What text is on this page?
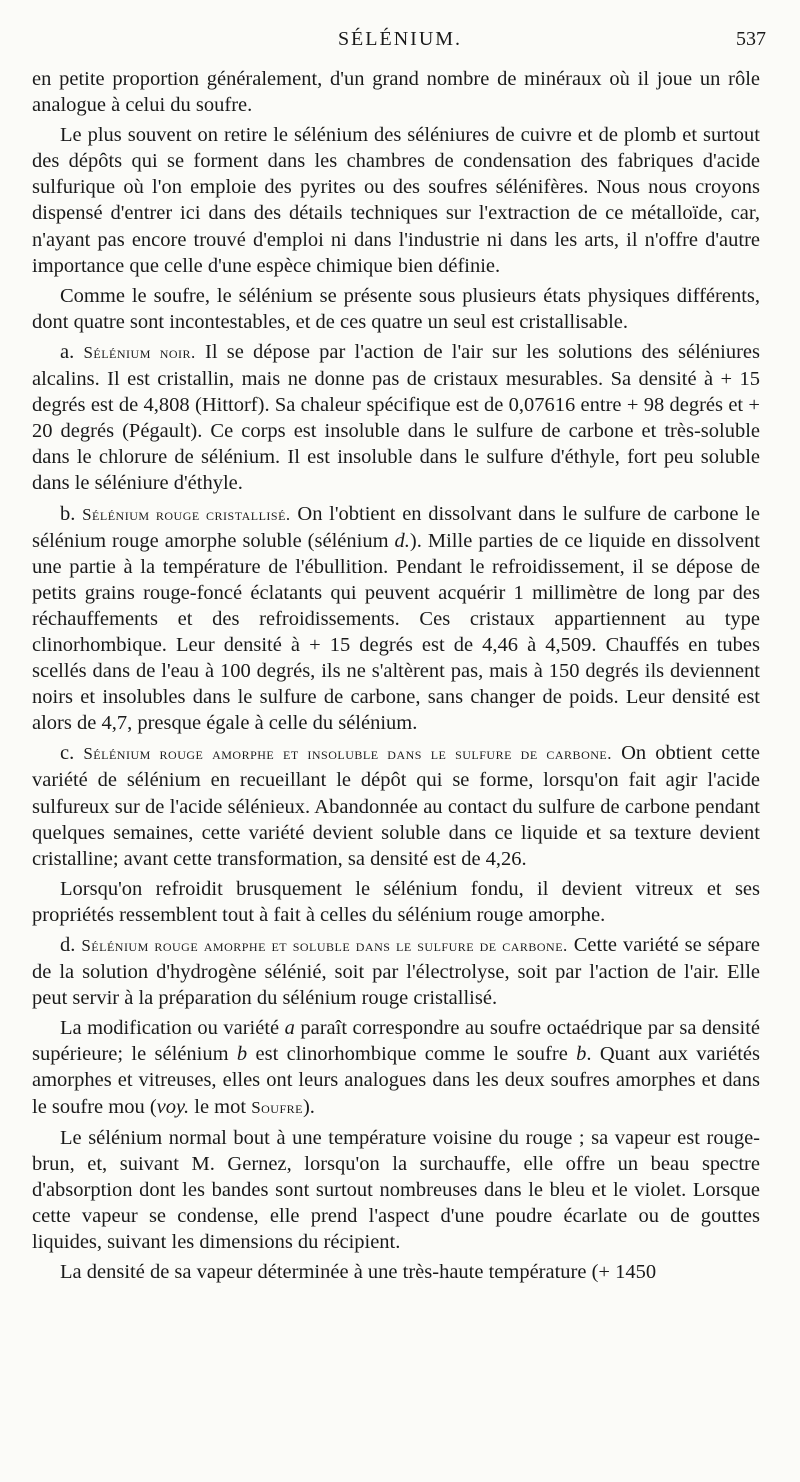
SÉLÉNIUM.	537

en petite proportion généralement, d'un grand nombre de minéraux où il joue un rôle analogue à celui du soufre.

Le plus souvent on retire le sélénium des séléniures de cuivre et de plomb et surtout des dépôts qui se forment dans les chambres de condensation des fabriques d'acide sulfurique où l'on emploie des pyrites ou des soufres sélénifères. Nous nous croyons dispensé d'entrer ici dans des détails techniques sur l'extraction de ce métalloïde, car, n'ayant pas encore trouvé d'emploi ni dans l'industrie ni dans les arts, il n'offre d'autre importance que celle d'une espèce chimique bien définie.

Comme le soufre, le sélénium se présente sous plusieurs états physiques différents, dont quatre sont incontestables, et de ces quatre un seul est cristallisable.

a. Sélénium noir. Il se dépose par l'action de l'air sur les solutions des séléniures alcalins. Il est cristallin, mais ne donne pas de cristaux mesurables. Sa densité à + 15 degrés est de 4,808 (Hittorf). Sa chaleur spécifique est de 0,07616 entre + 98 degrés et + 20 degrés (Pégault). Ce corps est insoluble dans le sulfure de carbone et très-soluble dans le chlorure de sélénium. Il est insoluble dans le sulfure d'éthyle, fort peu soluble dans le séléniure d'éthyle.

b. Sélénium rouge cristallisé. On l'obtient en dissolvant dans le sulfure de carbone le sélénium rouge amorphe soluble (sélénium d.). Mille parties de ce liquide en dissolvent une partie à la température de l'ébullition. Pendant le refroidissement, il se dépose de petits grains rouge-foncé éclatants qui peuvent acquérir 1 millimètre de long par des réchauffements et des refroidissements. Ces cristaux appartiennent au type clinorhombique. Leur densité à + 15 degrés est de 4,46 à 4,509. Chauffés en tubes scellés dans de l'eau à 100 degrés, ils ne s'altèrent pas, mais à 150 degrés ils deviennent noirs et insolubles dans le sulfure de carbone, sans changer de poids. Leur densité est alors de 4,7, presque égale à celle du sélénium.

c. Sélénium rouge amorphe et insoluble dans le sulfure de carbone. On obtient cette variété de sélénium en recueillant le dépôt qui se forme, lorsqu'on fait agir l'acide sulfureux sur de l'acide sélénieux. Abandonnée au contact du sulfure de carbone pendant quelques semaines, cette variété devient soluble dans ce liquide et sa texture devient cristalline; avant cette transformation, sa densité est de 4,26.

Lorsqu'on refroidit brusquement le sélénium fondu, il devient vitreux et ses propriétés ressemblent tout à fait à celles du sélénium rouge amorphe.

d. Sélénium rouge amorphe et soluble dans le sulfure de carbone. Cette variété se sépare de la solution d'hydrogène sélénié, soit par l'électrolyse, soit par l'action de l'air. Elle peut servir à la préparation du sélénium rouge cristallisé.

La modification ou variété a paraît correspondre au soufre octaédrique par sa densité supérieure; le sélénium b est clinorhombique comme le soufre b. Quant aux variétés amorphes et vitreuses, elles ont leurs analogues dans les deux soufres amorphes et dans le soufre mou (voy. le mot Soufre).

Le sélénium normal bout à une température voisine du rouge ; sa vapeur est rouge-brun, et, suivant M. Gernez, lorsqu'on la surchauffe, elle offre un beau spectre d'absorption dont les bandes sont surtout nombreuses dans le bleu et le violet. Lorsque cette vapeur se condense, elle prend l'aspect d'une poudre écarlate ou de gouttes liquides, suivant les dimensions du récipient.

La densité de sa vapeur déterminée à une très-haute température (+ 1450
